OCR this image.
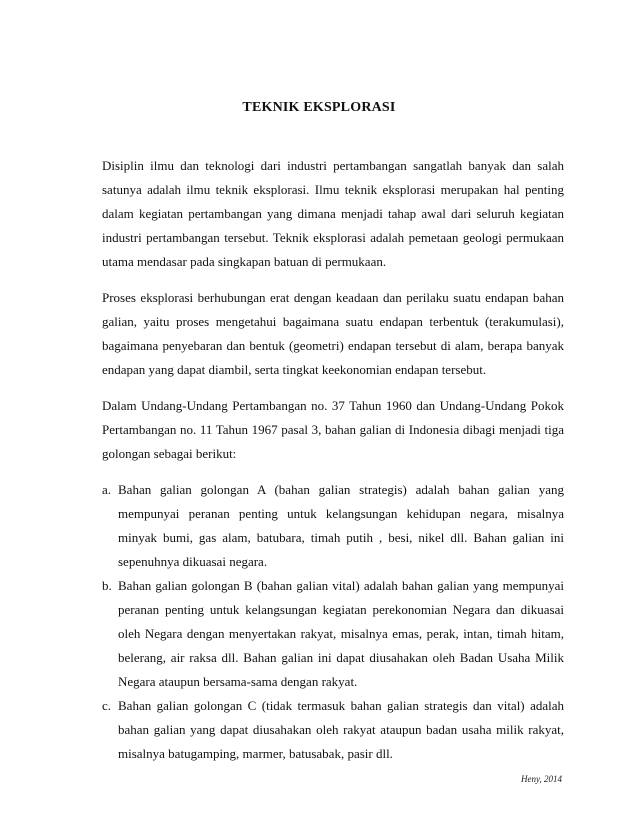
TEKNIK EKSPLORASI

Disiplin ilmu dan teknologi dari industri pertambangan sangatlah banyak dan salah satunya adalah ilmu teknik eksplorasi. Ilmu teknik eksplorasi merupakan hal penting dalam kegiatan pertambangan yang dimana menjadi tahap awal dari seluruh kegiatan industri pertambangan tersebut. Teknik eksplorasi adalah pemetaan geologi permukaan utama mendasar pada singkapan batuan di permukaan.

Proses eksplorasi berhubungan erat dengan keadaan dan perilaku suatu endapan bahan galian, yaitu proses mengetahui bagaimana suatu endapan terbentuk (terakumulasi), bagaimana penyebaran dan bentuk (geometri) endapan tersebut di alam, berapa banyak endapan yang dapat diambil, serta tingkat keekonomian endapan tersebut.

Dalam Undang-Undang Pertambangan no. 37 Tahun 1960 dan Undang-Undang Pokok Pertambangan no. 11 Tahun 1967 pasal 3, bahan galian di Indonesia dibagi menjadi tiga golongan sebagai berikut:

a. Bahan galian golongan A (bahan galian strategis) adalah bahan galian yang mempunyai peranan penting untuk kelangsungan kehidupan negara, misalnya minyak bumi, gas alam, batubara, timah putih , besi, nikel dll. Bahan galian ini sepenuhnya dikuasai negara.
b. Bahan galian golongan B (bahan galian vital) adalah bahan galian yang mempunyai peranan penting untuk kelangsungan kegiatan perekonomian Negara dan dikuasai oleh Negara dengan menyertakan rakyat, misalnya emas, perak, intan, timah hitam, belerang, air raksa dll. Bahan galian ini dapat diusahakan oleh Badan Usaha Milik Negara ataupun bersama-sama dengan rakyat.
c. Bahan galian golongan C (tidak termasuk bahan galian strategis dan vital) adalah bahan galian yang dapat diusahakan oleh rakyat ataupun badan usaha milik rakyat, misalnya batugamping, marmer, batusabak, pasir dll.
Heny, 2014
